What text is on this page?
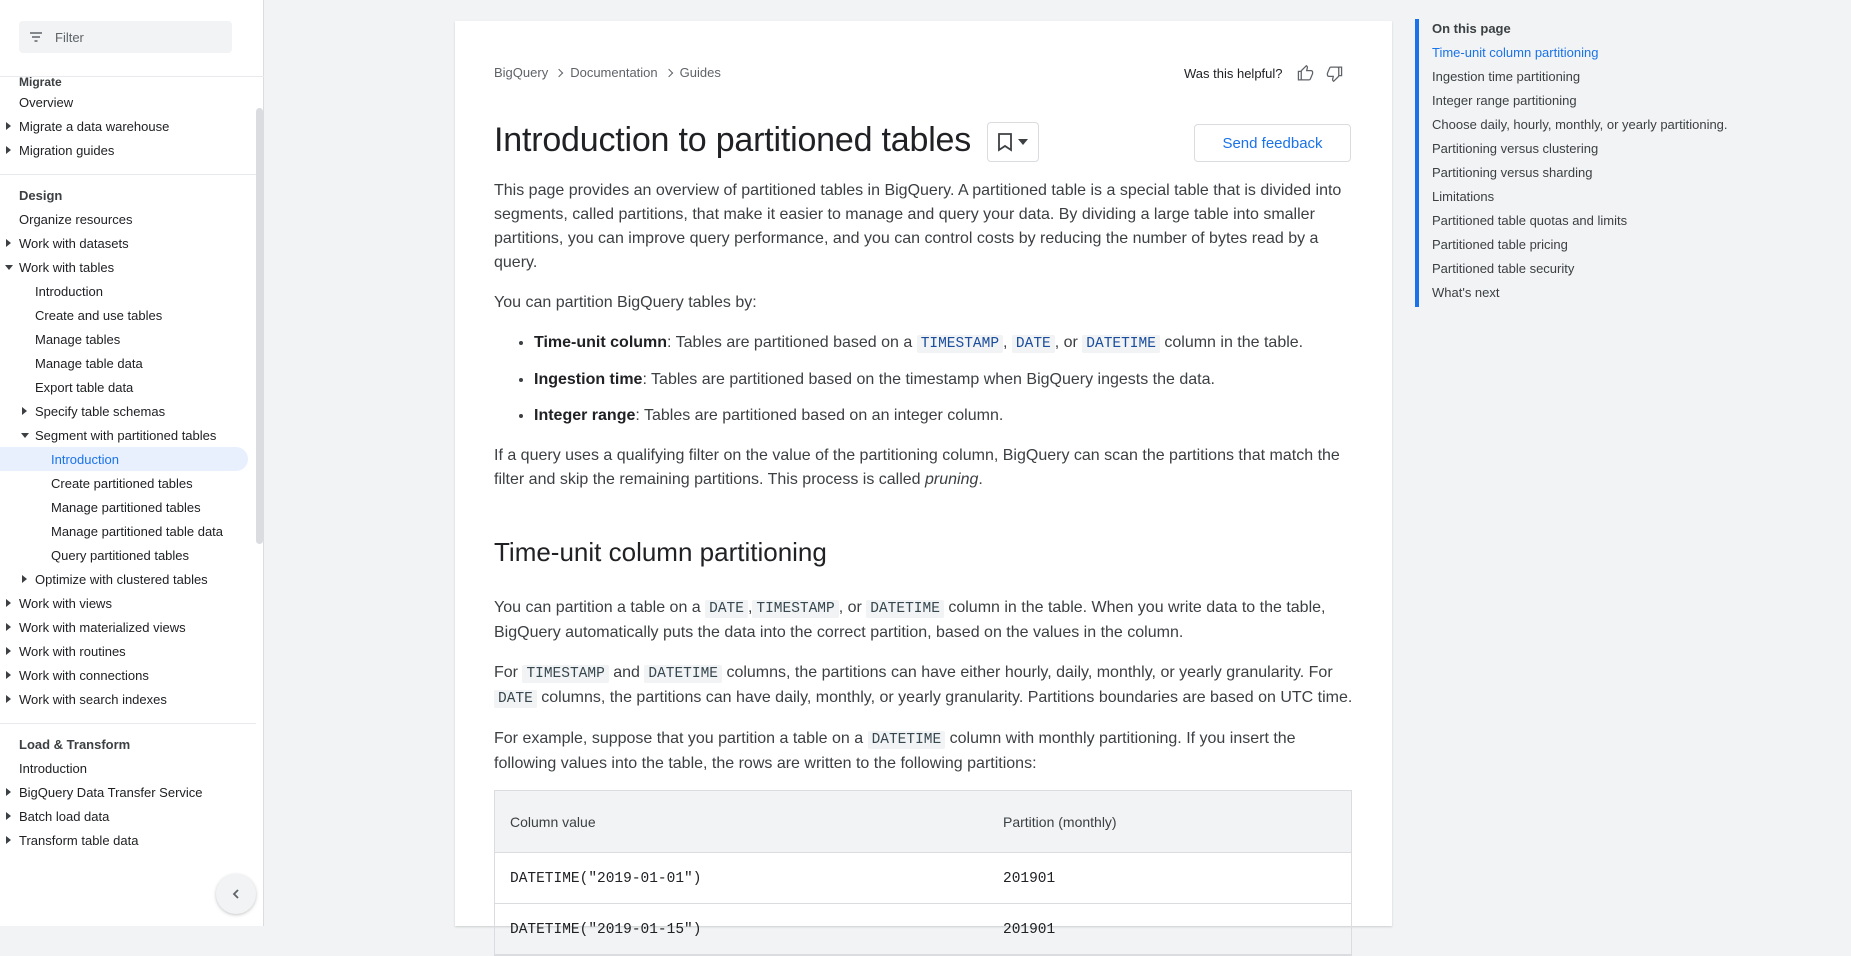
Filter
Migrate
Overview
Migrate a data warehouse
Migration guides
Design
Organize resources
Work with datasets
Work with tables
Introduction
Create and use tables
Manage tables
Manage table data
Export table data
Specify table schemas
Segment with partitioned tables
Introduction
Create partitioned tables
Manage partitioned tables
Manage partitioned table data
Query partitioned tables
Optimize with clustered tables
Work with views
Work with materialized views
Work with routines
Work with connections
Work with search indexes
Load & Transform
Introduction
BigQuery Data Transfer Service
Batch load data
Transform table data
BigQuery Documentation Guides	Was this helpful?
Introduction to partitioned tables	Send feedback

This page provides an overview of partitioned tables in BigQuery. A partitioned table is a special table that is divided into segments, called partitions, that make it easier to manage and query your data. By dividing a large table into smaller partitions, you can improve query performance, and you can control costs by reducing the number of bytes read by a query.

You can partition BigQuery tables by:

• Time-unit column: Tables are partitioned based on a TIMESTAMP , DATE , or DATETIME column in the table.
• Ingestion time: Tables are partitioned based on the timestamp when BigQuery ingests the data.
• Integer range: Tables are partitioned based on an integer column.

If a query uses a qualifying filter on the value of the partitioning column, BigQuery can scan the partitions that match the filter and skip the remaining partitions. This process is called pruning.

Time-unit column partitioning

You can partition a table on a DATE , TIMESTAMP , or DATETIME column in the table. When you write data to the table, BigQuery automatically puts the data into the correct partition, based on the values in the column.

For TIMESTAMP and DATETIME columns, the partitions can have either hourly, daily, monthly, or yearly granularity. For DATE columns, the partitions can have daily, monthly, or yearly granularity. Partitions boundaries are based on UTC time.

For example, suppose that you partition a table on a DATETIME column with monthly partitioning. If you insert the following values into the table, the rows are written to the following partitions:

Column value	Partition (monthly)
DATETIME("2019-01-01")	201901
DATETIME("2019-01-15")	201901
On this page
Time-unit column partitioning
Ingestion time partitioning
Integer range partitioning
Choose daily, hourly, monthly, or yearly partitioning.
Partitioning versus clustering
Partitioning versus sharding
Limitations
Partitioned table quotas and limits
Partitioned table pricing
Partitioned table security
What's next
